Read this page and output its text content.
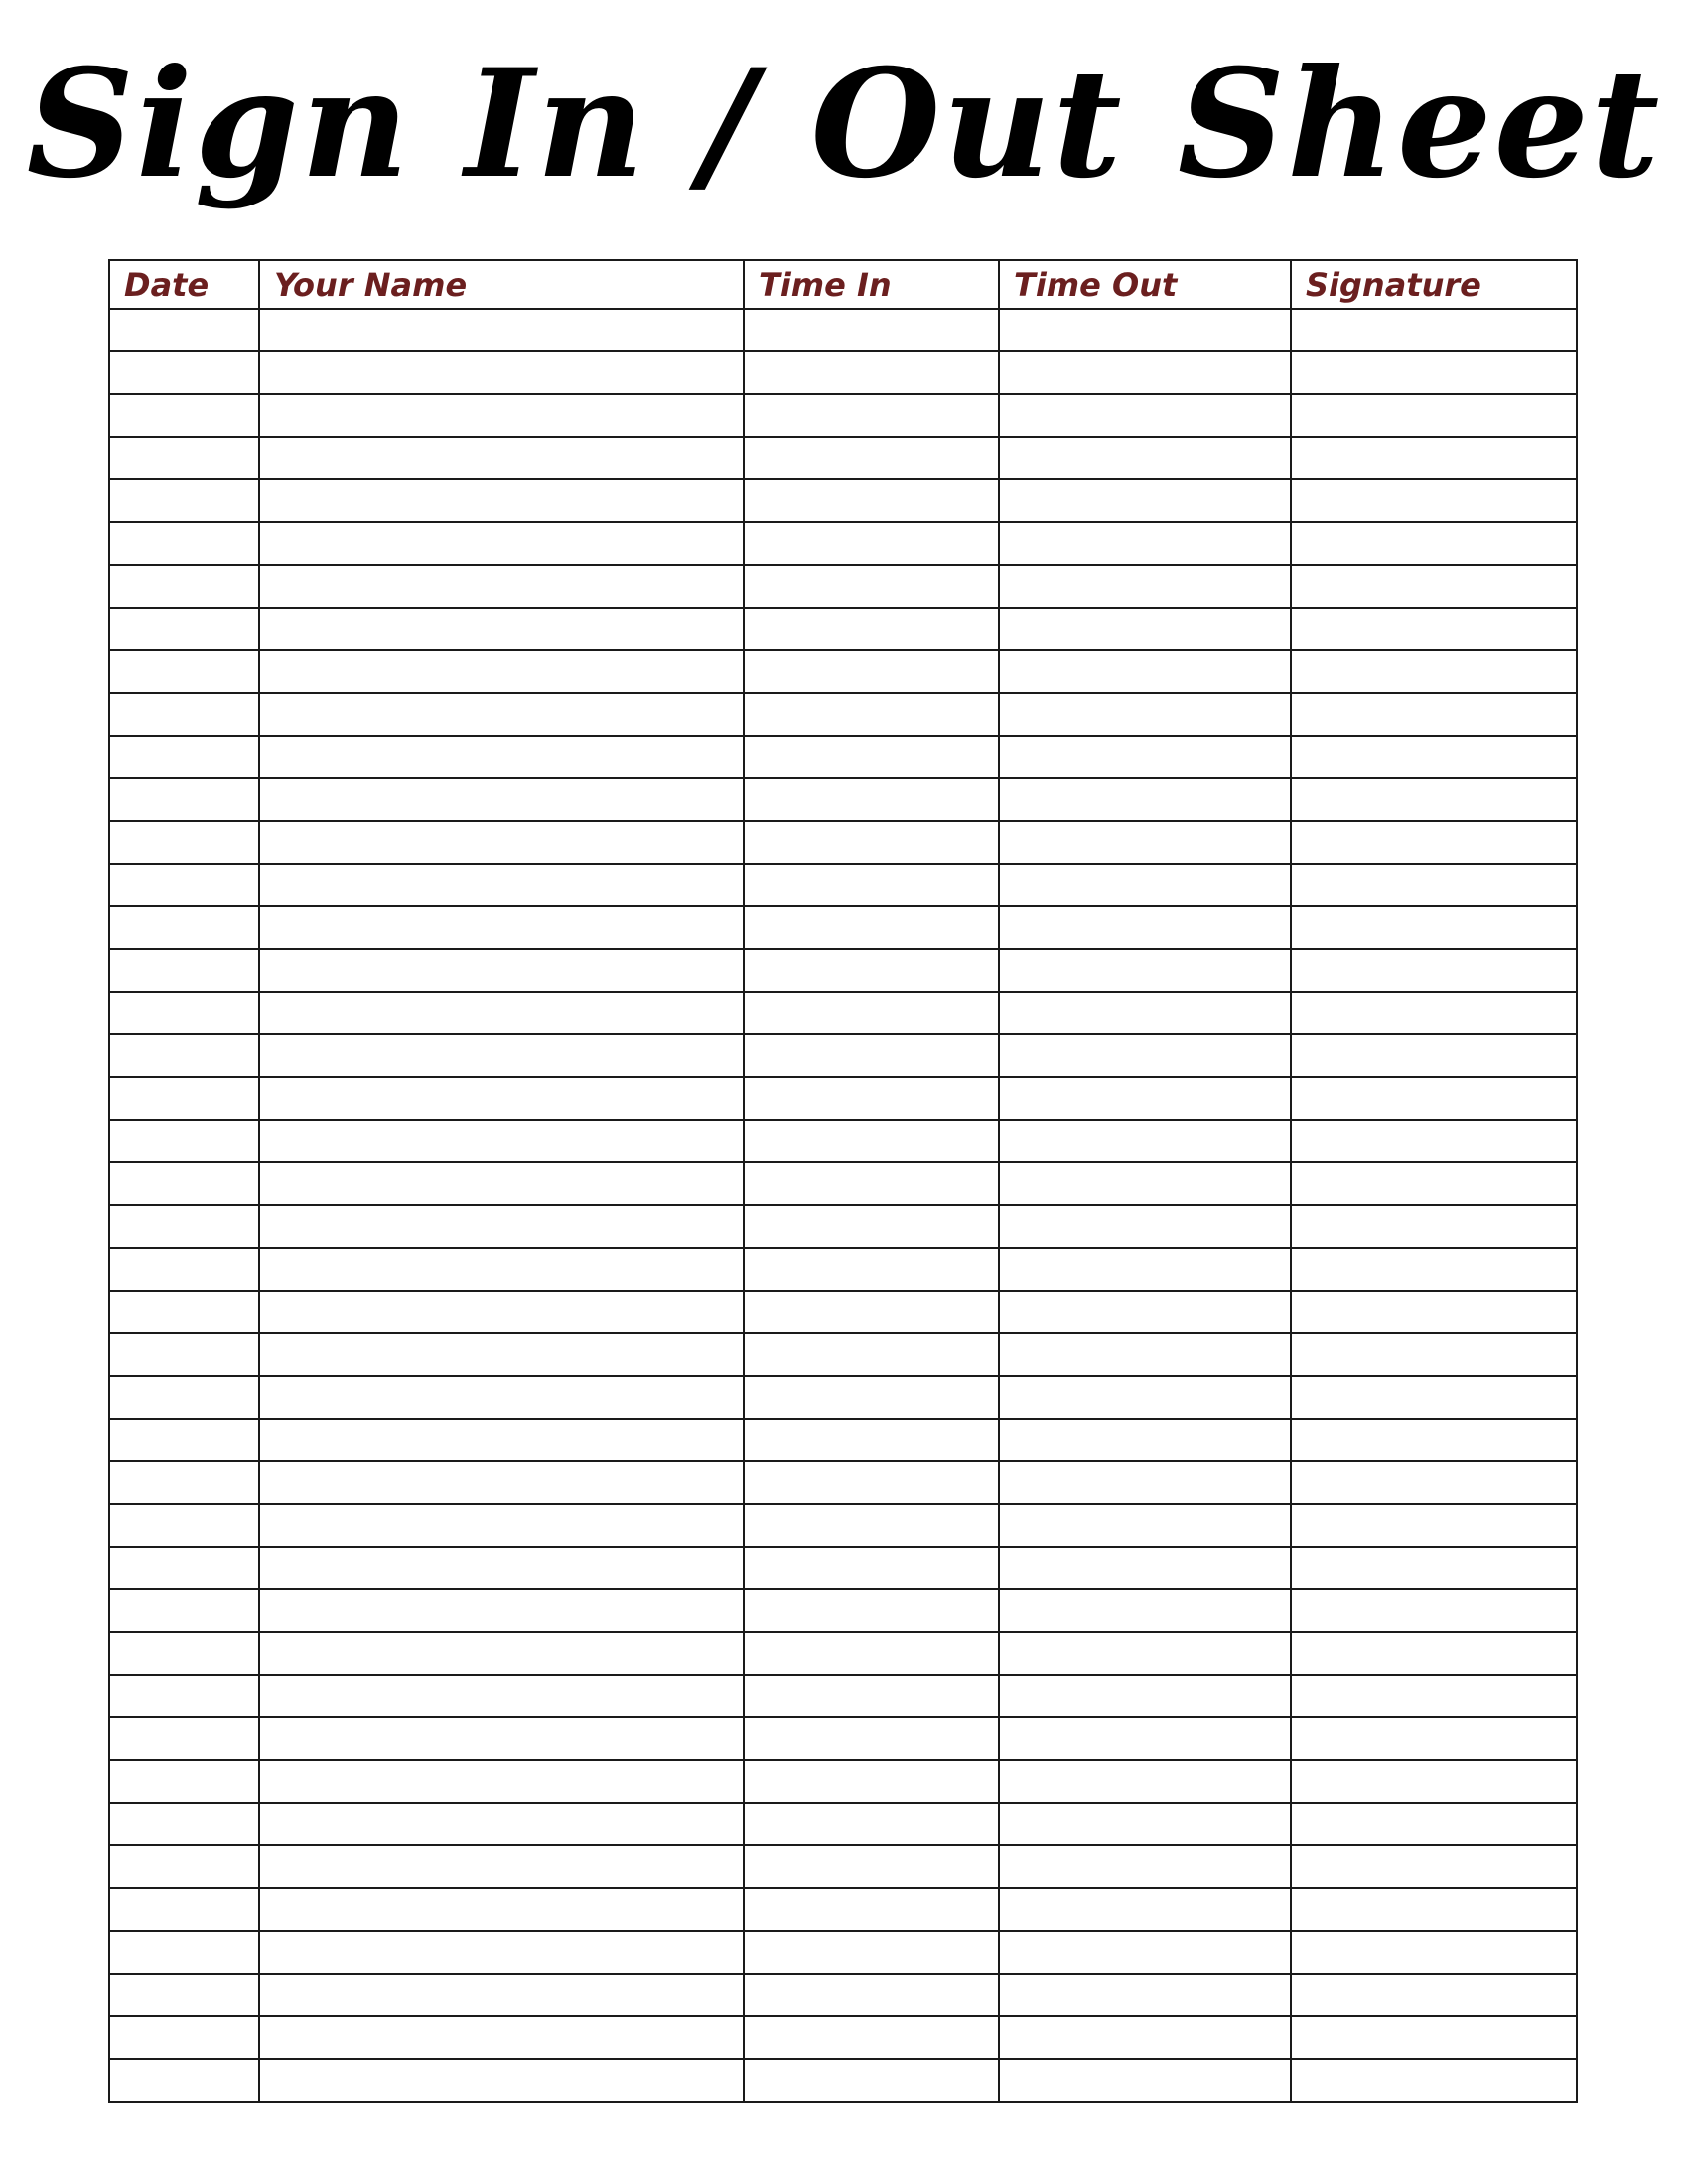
Sign In / Out Sheet
Date	Your Name	Time In	Time Out	Signature
